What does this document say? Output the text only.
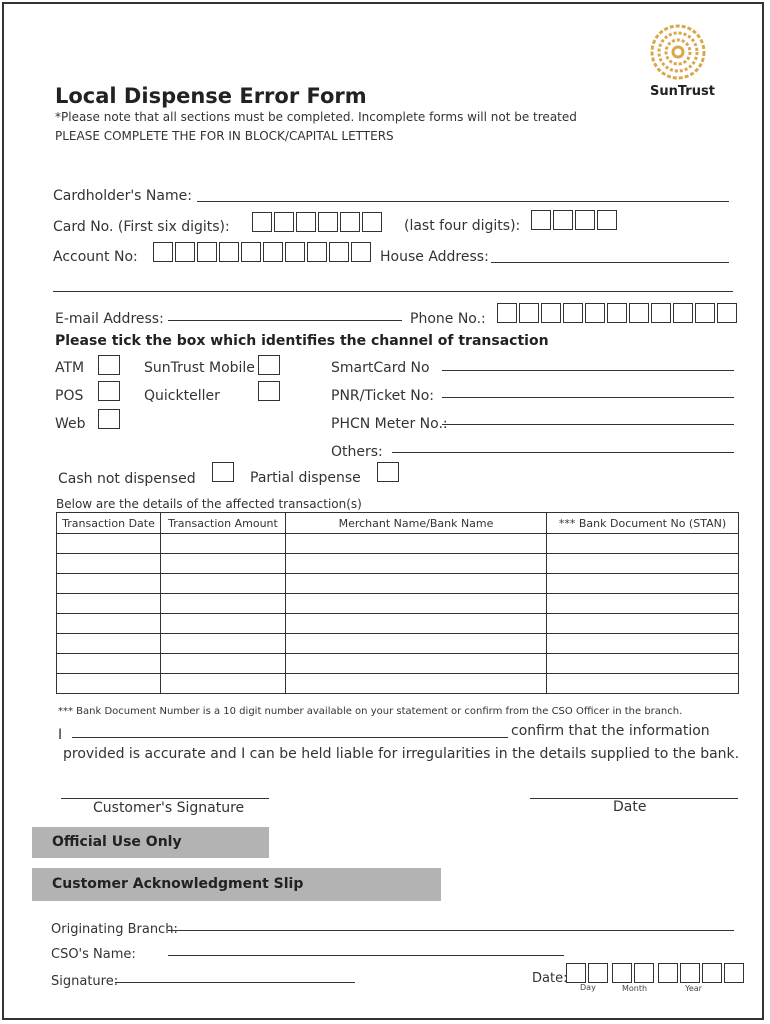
SunTrust
Local Dispense Error Form
*Please note that all sections must be completed. Incomplete forms will not be treated
PLEASE COMPLETE THE FOR IN BLOCK/CAPITAL LETTERS
Cardholder's Name:
Card No. (First six digits):	(last four digits):
Account No:	House Address:
E-mail Address:	Phone No.:
Please tick the box which identifies the channel of transaction
ATM	SunTrust Mobile	SmartCard No
POS	Quickteller	PNR/Ticket No:
Web	PHCN Meter No.:
Others:
Cash not dispensed	Partial dispense
Below are the details of the affected transaction(s)
Transaction Date	Transaction Amount	Merchant Name/Bank Name	*** Bank Document No (STAN)

*** Bank Document Number is a 10 digit number available on your statement or confirm from the CSO Officer in the branch.
I	confirm that the information
provided is accurate and I can be held liable for irregularities in the details supplied to the bank.
Customer's Signature	Date
Official Use Only
Customer Acknowledgment Slip
Originating Branch:
CSO's Name:
Signature:	Date:
Day	Month	Year
